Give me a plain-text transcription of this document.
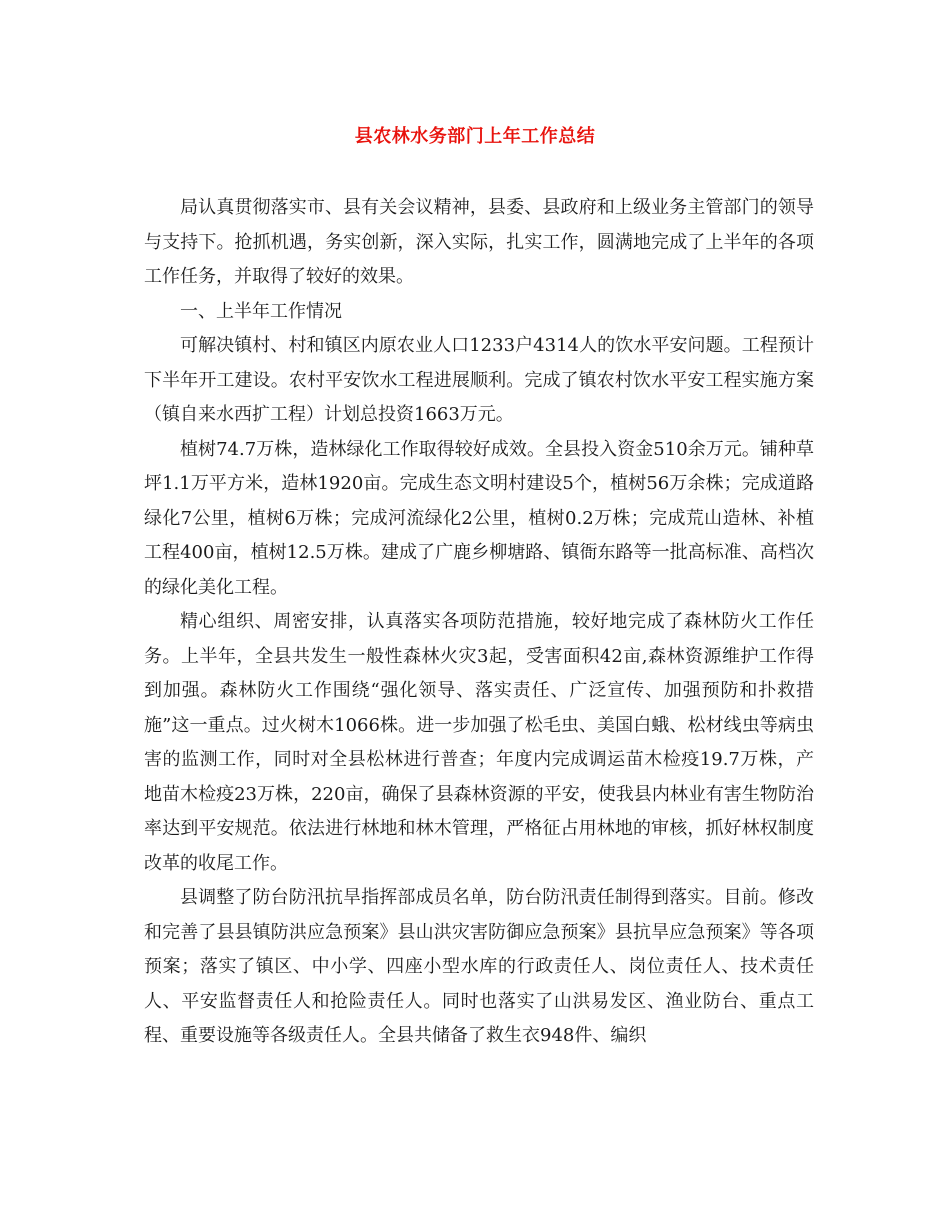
县农林水务部门上年工作总结

局认真贯彻落实市、县有关会议精神，县委、县政府和上级业务主管部门的领导与支持下。抢抓机遇，务实创新，深入实际，扎实工作，圆满地完成了上半年的各项工作任务，并取得了较好的效果。

一、上半年工作情况

可解决镇村、村和镇区内原农业人口1233户4314人的饮水平安问题。工程预计下半年开工建设。农村平安饮水工程进展顺利。完成了镇农村饮水平安工程实施方案（镇自来水西扩工程）计划总投资1663万元。

植树74.7万株，造林绿化工作取得较好成效。全县投入资金510余万元。铺种草坪1.1万平方米，造林1920亩。完成生态文明村建设5个，植树56万余株；完成道路绿化7公里，植树6万株；完成河流绿化2公里，植树0.2万株；完成荒山造林、补植工程400亩，植树12.5万株。建成了广鹿乡柳塘路、镇衙东路等一批高标准、高档次的绿化美化工程。

精心组织、周密安排，认真落实各项防范措施，较好地完成了森林防火工作任务。上半年，全县共发生一般性森林火灾3起，受害面积42亩,森林资源维护工作得到加强。森林防火工作围绕“强化领导、落实责任、广泛宣传、加强预防和扑救措施”这一重点。过火树木1066株。进一步加强了松毛虫、美国白蛾、松材线虫等病虫害的监测工作，同时对全县松林进行普查；年度内完成调运苗木检疫19.7万株，产地苗木检疫23万株，220亩，确保了县森林资源的平安，使我县内林业有害生物防治率达到平安规范。依法进行林地和林木管理，严格征占用林地的审核，抓好林权制度改革的收尾工作。

县调整了防台防汛抗旱指挥部成员名单，防台防汛责任制得到落实。目前。修改和完善了县县镇防洪应急预案》县山洪灾害防御应急预案》县抗旱应急预案》等各项预案；落实了镇区、中小学、四座小型水库的行政责任人、岗位责任人、技术责任人、平安监督责任人和抢险责任人。同时也落实了山洪易发区、渔业防台、重点工程、重要设施等各级责任人。全县共储备了救生衣948件、编织
